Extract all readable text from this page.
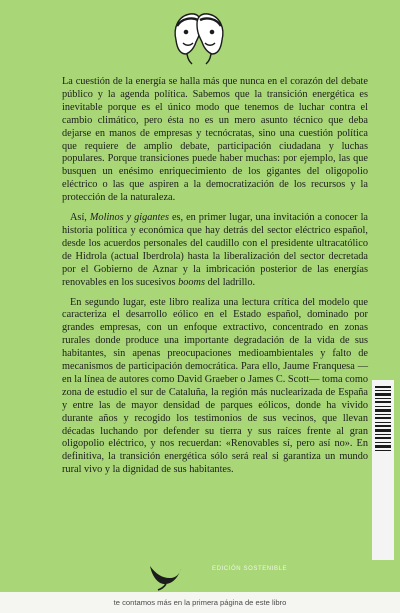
La cuestión de la energía se halla más que nunca en el corazón del debate público y la agenda política. Sabemos que la transición energética es inevitable porque es el único modo que tenemos de luchar contra el cambio climático, pero ésta no es un mero asunto técnico que deba dejarse en manos de empresas y tecnócratas, sino una cuestión política que requiere de amplio debate, participación ciudadana y luchas populares. Porque transiciones puede haber muchas: por ejemplo, las que busquen un enésimo enriquecimiento de los gigantes del oligopolio eléctrico o las que aspiren a la democratización de los recursos y la protección de la naturaleza.

Así, Molinos y gigantes es, en primer lugar, una invitación a conocer la historia política y económica que hay detrás del sector eléctrico español, desde los acuerdos personales del caudillo con el presidente ultracatólico de Hidrola (actual Iberdrola) hasta la liberalización del sector decretada por el Gobierno de Aznar y la imbricación posterior de las energías renovables en los sucesivos booms del ladrillo.

En segundo lugar, este libro realiza una lectura crítica del modelo que caracteriza el desarrollo eólico en el Estado español, dominado por grandes empresas, con un enfoque extractivo, concentrado en zonas rurales donde produce una importante degradación de la vida de sus habitantes, sin apenas preocupaciones medioambientales y falto de mecanismos de participación democrática. Para ello, Jaume Franquesa —en la línea de autores como David Graeber o James C. Scott— toma como zona de estudio el sur de Cataluña, la región más nuclearizada de España y entre las de mayor densidad de parques eólicos, donde ha vivido durante años y recogido los testimonios de sus vecinos, que llevan décadas luchando por defender su tierra y sus raíces frente al gran oligopolio eléctrico, y nos recuerdan: «Renovables sí, pero así no». En definitiva, la transición energética sólo será real si garantiza un mundo rural vivo y la dignidad de sus habitantes.

EDICIÓN SOSTENIBLE
te contamos más en la primera página de este libro
